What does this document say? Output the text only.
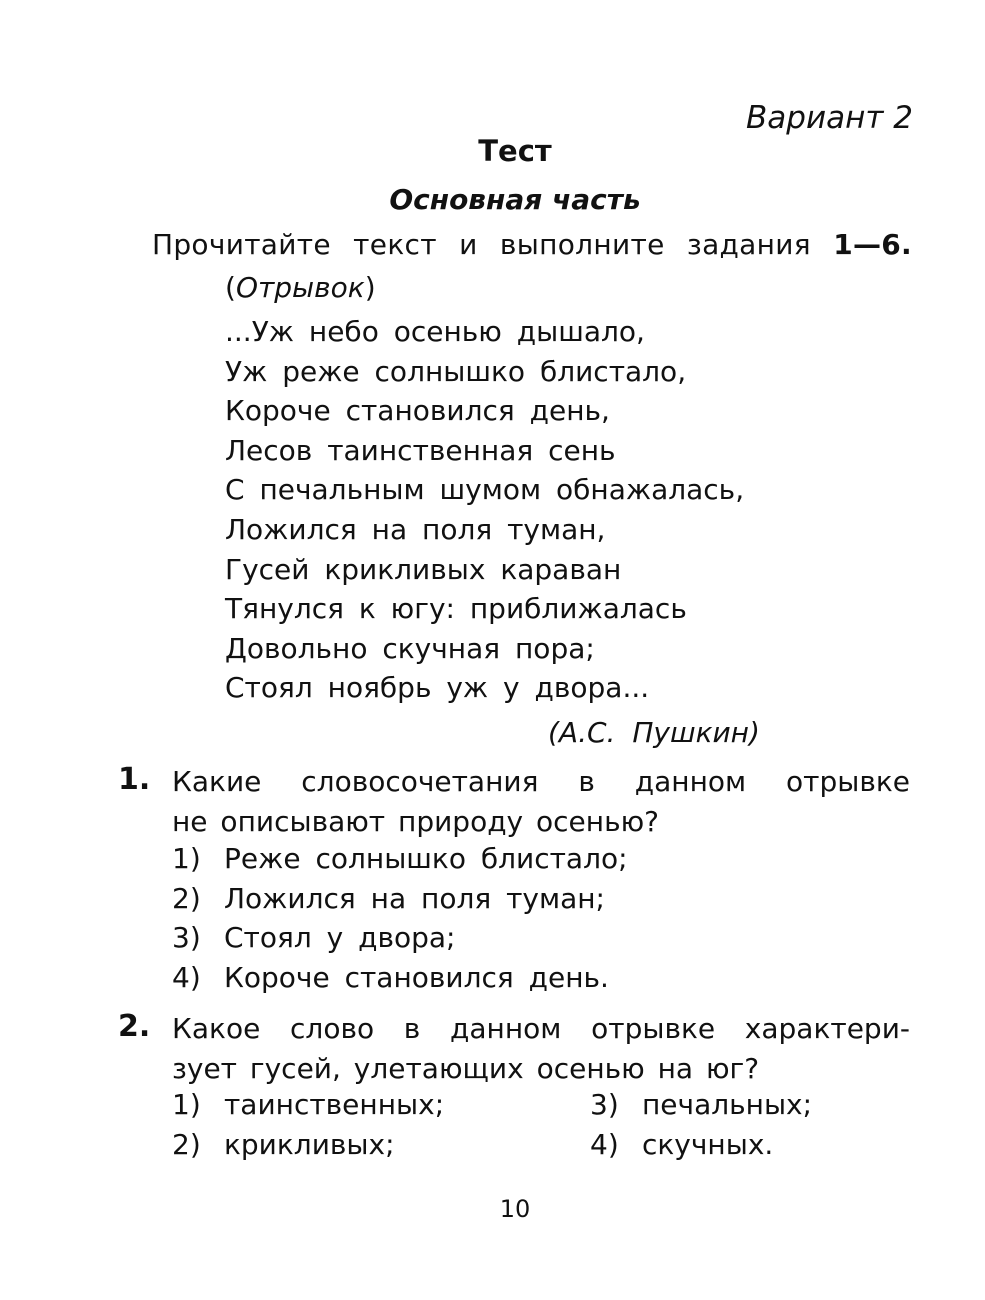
Вариант 2
Тест
Основная часть
Прочитайте текст и выполните задания 1—6.
(Отрывок)
...Уж небо осенью дышало,
Уж реже солнышко блистало,
Короче становился день,
Лесов таинственная сень
С печальным шумом обнажалась,
Ложился на поля туман,
Гусей крикливых караван
Тянулся к югу: приближалась
Довольно скучная пора;
Стоял ноябрь уж у двора...
(А.С. Пушкин)
1. Какие словосочетания в данном отрывке
не описывают природу осенью?
1) Реже солнышко блистало;
2) Ложился на поля туман;
3) Стоял у двора;
4) Короче становился день.
2. Какое слово в данном отрывке характери-
зует гусей, улетающих осенью на юг?
1) таинственных;
2) крикливых;
3) печальных;
4) скучных.
10
